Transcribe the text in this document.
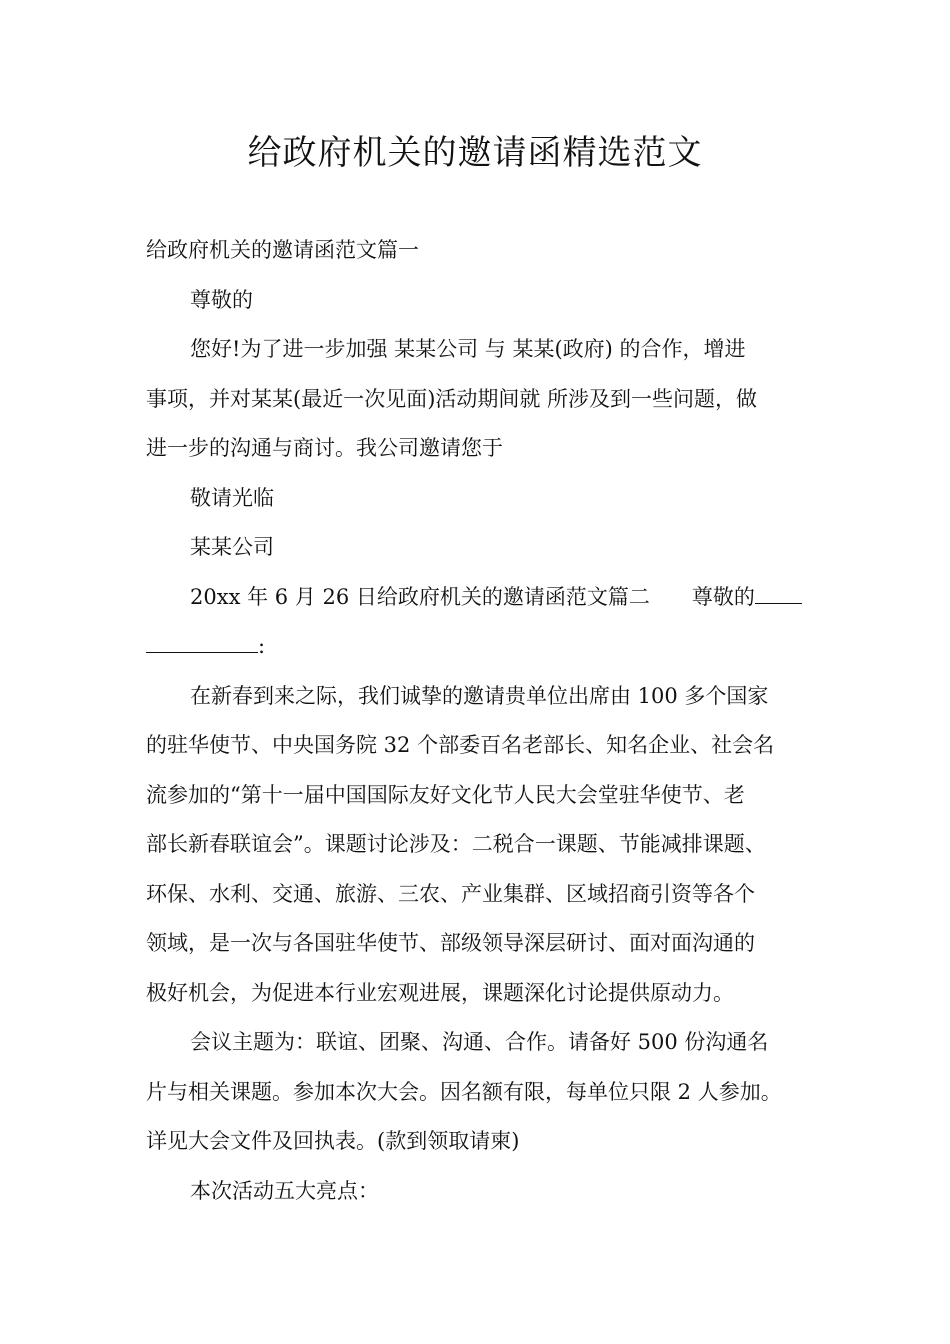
给政府机关的邀请函精选范文

给政府机关的邀请函范文篇一

尊敬的

您好!为了进一步加强 某某公司 与 某某(政府) 的合作，增进
事项，并对某某(最近一次见面)活动期间就 所涉及到一些问题，做
进一步的沟通与商讨。我公司邀请您于

敬请光临

某某公司

20xx 年 6 月 26 日给政府机关的邀请函范文篇二 尊敬的
:

在新春到来之际，我们诚挚的邀请贵单位出席由 100 多个国家
的驻华使节、中央国务院 32 个部委百名老部长、知名企业、社会名
流参加的“第十一届中国国际友好文化节人民大会堂驻华使节、老
部长新春联谊会”。课题讨论涉及：二税合一课题、节能减排课题、
环保、水利、交通、旅游、三农、产业集群、区域招商引资等各个
领域，是一次与各国驻华使节、部级领导深层研讨、面对面沟通的
极好机会，为促进本行业宏观进展，课题深化讨论提供原动力。

会议主题为：联谊、团聚、沟通、合作。请备好 500 份沟通名
片与相关课题。参加本次大会。因名额有限，每单位只限 2 人参加。
详见大会文件及回执表。(款到领取请柬)

本次活动五大亮点：
